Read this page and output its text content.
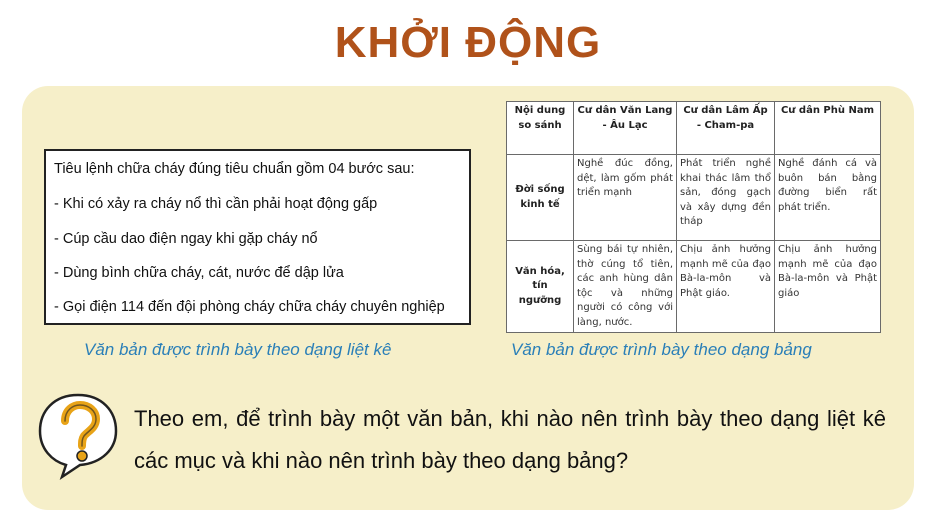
KHỞI ĐỘNG
Tiêu lệnh chữa cháy đúng tiêu chuẩn gồm 04 bước sau:
- Khi có xảy ra cháy nổ thì cần phải hoạt động gấp
- Cúp cầu dao điện ngay khi gặp cháy nổ
- Dùng bình chữa cháy, cát, nước để dập lửa
- Gọi điện 114 đến đội phòng cháy chữa cháy chuyên nghiệp
Nội dung so sánh	Cư dân Văn Lang - Âu Lạc	Cư dân Lâm Ấp - Cham-pa	Cư dân Phù Nam
Đời sống kinh tế	Nghề đúc đồng, dệt, làm gốm phát triển mạnh	Phát triển nghề khai thác lâm thổ sản, đóng gạch và xây dựng đền tháp	Nghề đánh cá và buôn bán bằng đường biển rất phát triển.
Văn hóa, tín ngưỡng	Sùng bái tự nhiên, thờ cúng tổ tiên, các anh hùng dân tộc và những người có công với làng, nước.	Chịu ảnh hưởng mạnh mẽ của đạo Bà-la-môn và Phật giáo.	Chịu ảnh hưởng mạnh mẽ của đạo Bà-la-môn và Phật giáo
Văn bản được trình bày theo dạng liệt kê	Văn bản được trình bày theo dạng bảng
Theo em, để trình bày một văn bản, khi nào nên trình bày theo dạng liệt kê các mục và khi nào nên trình bày theo dạng bảng?
